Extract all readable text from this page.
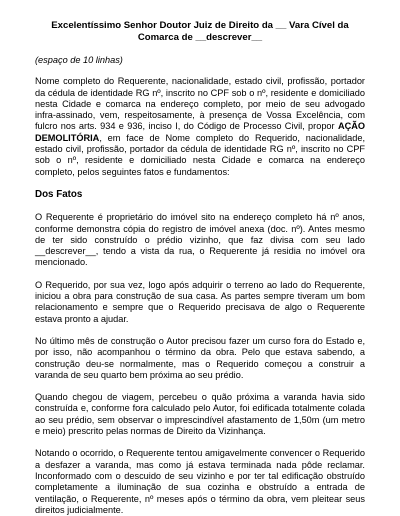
Excelentíssimo Senhor Doutor Juiz de Direito da __ Vara Cível da Comarca de __descrever__
(espaço de 10 linhas)

Nome completo do Requerente, nacionalidade, estado civil, profissão, portador da cédula de identidade RG nº, inscrito no CPF sob o nº, residente e domiciliado nesta Cidade e comarca na endereço completo, por meio de seu advogado infra-assinado, vem, respeitosamente, à presença de Vossa Excelência, com fulcro nos arts. 934 e 936, inciso I, do Código de Processo Civil, propor AÇÃO DEMOLITÓRIA, em face de Nome completo do Requerido, nacionalidade, estado civil, profissão, portador da cédula de identidade RG nº, inscrito no CPF sob o nº, residente e domiciliado nesta Cidade e comarca na endereço completo, pelos seguintes fatos e fundamentos:

Dos Fatos

O Requerente é proprietário do imóvel sito na endereço completo há nº anos, conforme demonstra cópia do registro de imóvel anexa (doc. nº). Antes mesmo de ter sido construído o prédio vizinho, que faz divisa com seu lado __descrever__, tendo a vista da rua, o Requerente já residia no imóvel ora mencionado.

O Requerido, por sua vez, logo após adquirir o terreno ao lado do Requerente, iniciou a obra para construção de sua casa. As partes sempre tiveram um bom relacionamento e sempre que o Requerido precisava de algo o Requerente estava pronto a ajudar.

No último mês de construção o Autor precisou fazer um curso fora do Estado e, por isso, não acompanhou o término da obra. Pelo que estava sabendo, a construção deu-se normalmente, mas o Requerido começou a construir a varanda de seu quarto bem próxima ao seu prédio.

Quando chegou de viagem, percebeu o quão próxima a varanda havia sido construída e, conforme fora calculado pelo Autor, foi edificada totalmente colada ao seu prédio, sem observar o imprescindível afastamento de 1,50m (um metro e meio) prescrito pelas normas de Direito da Vizinhança.

Notando o ocorrido, o Requerente tentou amigavelmente convencer o Requerido a desfazer a varanda, mas como já estava terminada nada pôde reclamar. Inconformado com o descuido de seu vizinho e por ter tal edificação obstruído completamente a iluminação de sua cozinha e obstruído a entrada de ventilação, o Requerente, nº meses após o término da obra, vem pleitear seus direitos judicialmente.
